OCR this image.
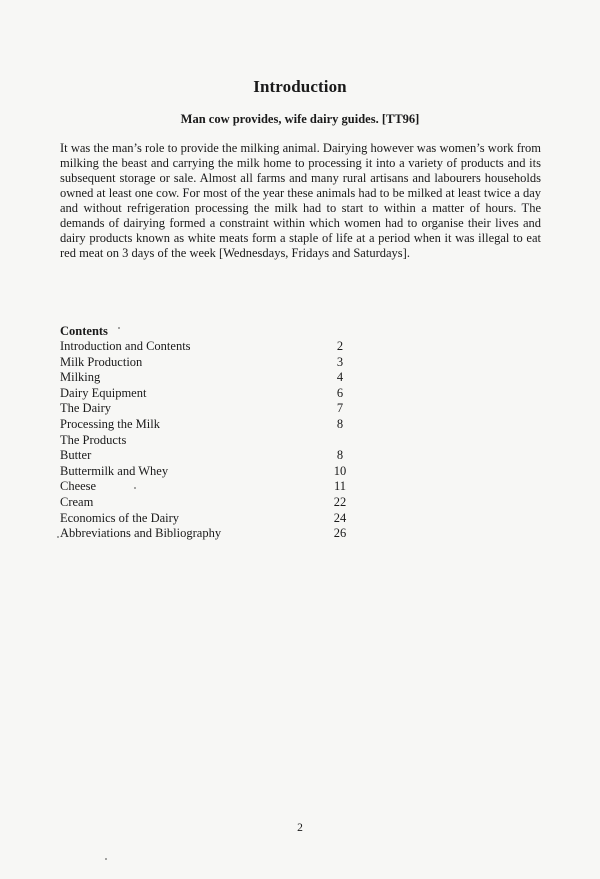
Introduction
Man cow provides, wife dairy guides. [TT96]
It was the man’s role to provide the milking animal. Dairying however was women’s work from milking the beast and carrying the milk home to processing it into a variety of products and its subsequent storage or sale. Almost all farms and many rural artisans and labourers households owned at least one cow. For most of the year these animals had to be milked at least twice a day and without refrigeration processing the milk had to start to within a matter of hours. The demands of dairying formed a constraint within which women had to organise their lives and dairy products known as white meats form a staple of life at a period when it was illegal to eat red meat on 3 days of the week [Wednesdays, Fridays and Saturdays].
Contents
Introduction and Contents	2
Milk Production	3
Milking	4
Dairy Equipment	6
The Dairy	7
Processing the Milk	8
The Products
Butter	8
Buttermilk and Whey	10
Cheese	11
Cream	22
Economics of the Dairy	24
Abbreviations and Bibliography	26
2
